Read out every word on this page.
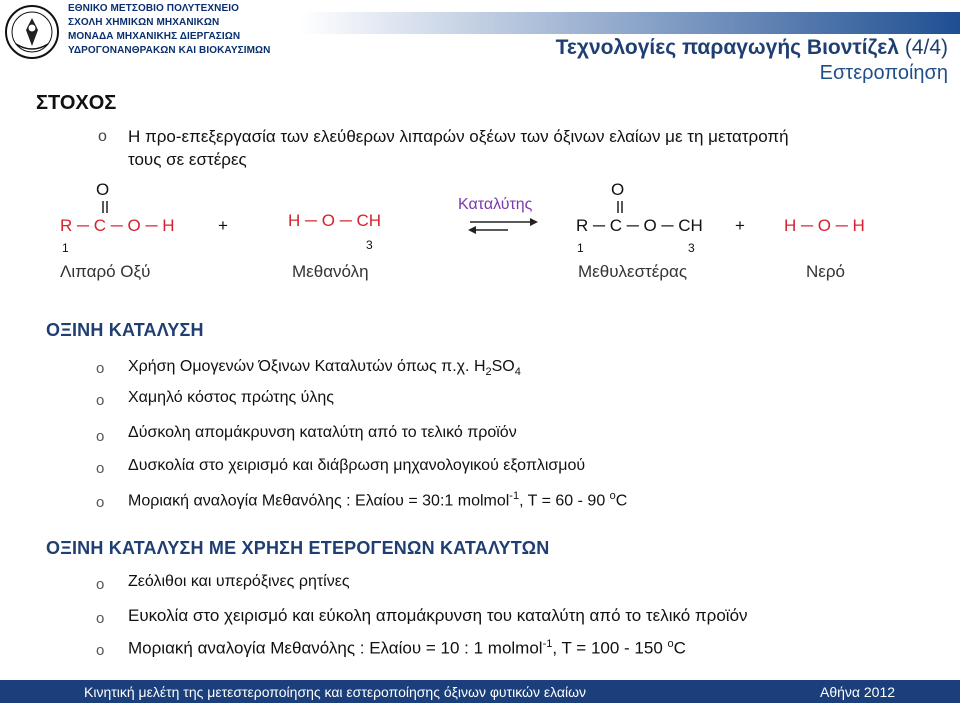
ΕΘΝΙΚΟ ΜΕΤΣΟΒΙΟ ΠΟΛΥΤΕΧΝΕΙΟ
ΣΧΟΛΗ ΧΗΜΙΚΩΝ ΜΗΧΑΝΙΚΩΝ
ΜΟΝΑΔΑ ΜΗΧΑΝΙΚΗΣ ΔΙΕΡΓΑΣΙΩΝ
ΥΔΡΟΓΟΝΑΝΘΡΑΚΩΝ ΚΑΙ ΒΙΟΚΑΥΣΙΜΩΝ	Τεχνολογίες παραγωγής Βιοντίζελ (4/4)
Εστεροποίηση
ΣΤΟΧΟΣ
o Η προ-επεξεργασία των ελεύθερων λιπαρών οξέων των όξινων ελαίων με τη μετατροπή
τους σε εστέρες
O
R ─ C ─ O ─ H
1
+	H ─ O ─ CH
3
Καταλύτης
O
R ─ C ─ O ─ CH
1	3
+ H ─ O ─ H
Λιπαρό Οξύ	Μεθανόλη	Μεθυλεστέρας	Νερό
ΟΞΙΝΗ ΚΑΤΑΛΥΣΗ
o Χρήση Ομογενών Όξινων Καταλυτών όπως π.χ. $H_2SO_4$
o Χαμηλό κόστος πρώτης ύλης
o Δύσκολη απομάκρυνση καταλύτη από το τελικό προϊόν
o Δυσκολία στο χειρισμό και διάβρωση μηχανολογικού εξοπλισμού
o Μοριακή αναλογία Μεθανόλης : Ελαίου = 30:1 molmol$^{-1}$, T = 60 - 90 $^o$C
ΟΞΙΝΗ ΚΑΤΑΛΥΣΗ ΜΕ ΧΡΗΣΗ ΕΤΕΡΟΓΕΝΩΝ ΚΑΤΑΛΥΤΩΝ
o Ζεόλιθοι και υπερόξινες ρητίνες
o Ευκολία στο χειρισμό και εύκολη απομάκρυνση του καταλύτη από το τελικό προϊόν
o Μοριακή αναλογία Μεθανόλης : Ελαίου = 10 : 1 molmol$^{-1}$, T = 100 - 150 $^o$C
Κινητική μελέτη της μετεστεροποίησης και εστεροποίησης όξινων φυτικών ελαίων	Αθήνα 2012
